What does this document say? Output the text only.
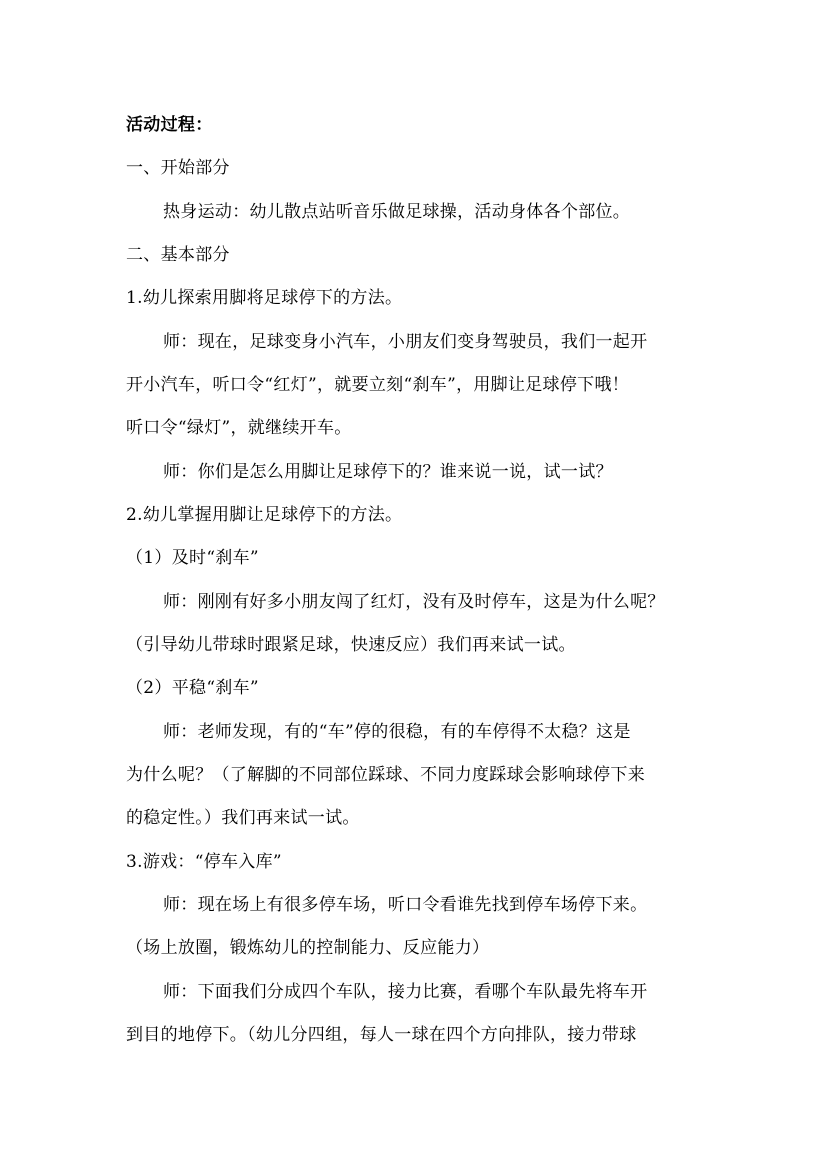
活动过程：
一、开始部分
热身运动：幼儿散点站听音乐做足球操，活动身体各个部位。
二、基本部分
1.幼儿探索用脚将足球停下的方法。
师：现在，足球变身小汽车，小朋友们变身驾驶员，我们一起开
开小汽车，听口令“红灯”，就要立刻“刹车”，用脚让足球停下哦！
听口令“绿灯”，就继续开车。
师：你们是怎么用脚让足球停下的？谁来说一说，试一试？
2.幼儿掌握用脚让足球停下的方法。
（1）及时“刹车”
师：刚刚有好多小朋友闯了红灯，没有及时停车，这是为什么呢？
（引导幼儿带球时跟紧足球，快速反应）我们再来试一试。
（2）平稳“刹车”
师：老师发现，有的“车”停的很稳，有的车停得不太稳？这是
为什么呢？（了解脚的不同部位踩球、不同力度踩球会影响球停下来
的稳定性。）我们再来试一试。
3.游戏：“停车入库”
师：现在场上有很多停车场，听口令看谁先找到停车场停下来。
（场上放圈，锻炼幼儿的控制能力、反应能力）
师：下面我们分成四个车队，接力比赛，看哪个车队最先将车开
到目的地停下。（幼儿分四组，每人一球在四个方向排队，接力带球
